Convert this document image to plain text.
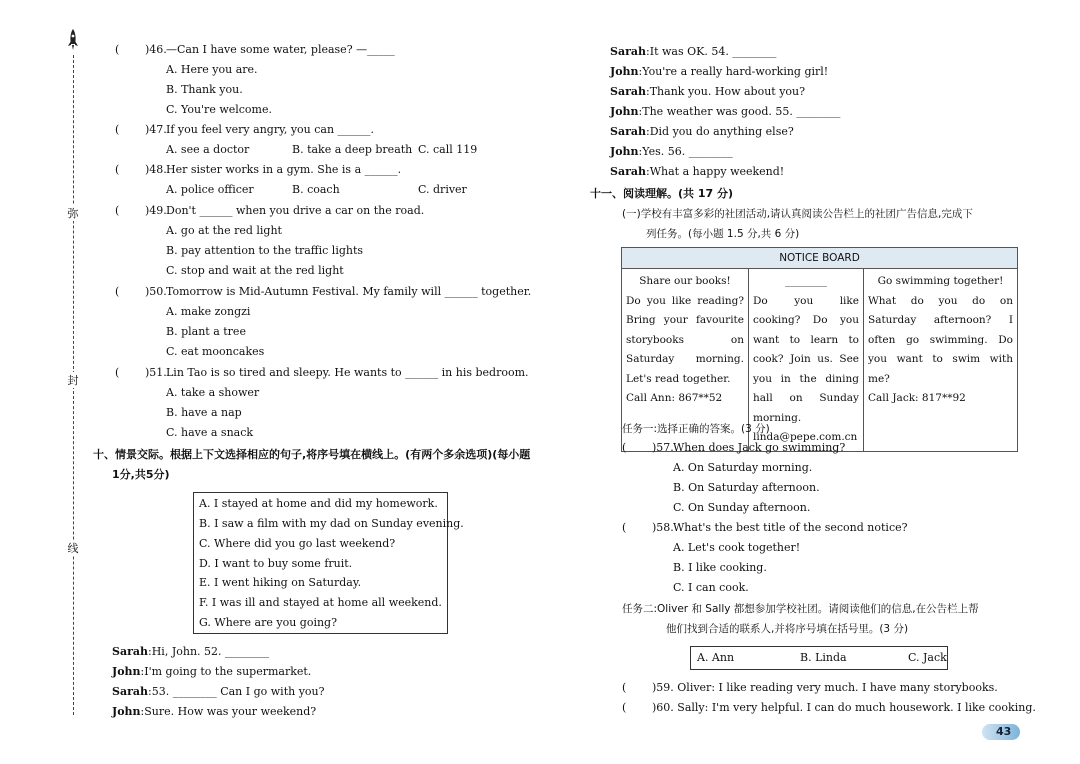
弥
封
线
( )46. —Can I have some water, please? —_____
A. Here you are.
B. Thank you.
C. You're welcome.
( )47. If you feel very angry, you can ______.
A. see a doctor	B. take a deep breath C. call 119
( )48. Her sister works in a gym. She is a ______.
A. police officer	B. coach	C. driver
( )49. Don't ______ when you drive a car on the road.
A. go at the red light
B. pay attention to the traffic lights
C. stop and wait at the red light
( )50. Tomorrow is Mid-Autumn Festival. My family will ______ together.
A. make zongzi
B. plant a tree
C. eat mooncakes
( )51. Lin Tao is so tired and sleepy. He wants to ______ in his bedroom.
A. take a shower
B. have a nap
C. have a snack
十、情景交际。根据上下文选择相应的句子,将序号填在横线上。(有两个多余选项)(每小题
1分,共5分)
A. I stayed at home and did my homework.
B. I saw a film with my dad on Sunday evening.
C. Where did you go last weekend?
D. I want to buy some fruit.
E. I went hiking on Saturday.
F. I was ill and stayed at home all weekend.
G. Where are you going?
Sarah:Hi, John. 52. ________
John:I'm going to the supermarket.
Sarah:53. ________ Can I go with you?
John:Sure. How was your weekend?
Sarah:It was OK. 54. ________
John:You're a really hard-working girl!
Sarah:Thank you. How about you?
John:The weather was good. 55. ________
Sarah:Did you do anything else?
John:Yes. 56. ________
Sarah:What a happy weekend!
十一、阅读理解。(共 17 分)
(一)学校有丰富多彩的社团活动,请认真阅读公告栏上的社团广告信息,完成下
列任务。(每小题 1.5 分,共 6 分)
NOTICE BOARD

Share our books!
Do you like reading? Bring your favourite storybooks on Saturday morning. Let's read together.
Call Ann: 867**52

________
Do you like cooking? Do you want to learn to cook? Join us. See you in the dining hall on Sunday morning.
linda@pepe.com.cn

Go swimming together!
What do you do on Saturday afternoon? I often go swimming. Do you want to swim with me?
Call Jack: 817**92
任务一:选择正确的答案。(3 分)
( )57. When does Jack go swimming?
A. On Saturday morning.
B. On Saturday afternoon.
C. On Sunday afternoon.
( )58. What's the best title of the second notice?
A. Let's cook together!
B. I like cooking.
C. I can cook.
任务二:Oliver 和 Sally 都想参加学校社团。请阅读他们的信息,在公告栏上帮
他们找到合适的联系人,并将序号填在括号里。(3 分)
A. Ann	B. Linda	C. Jack
( )59. Oliver: I like reading very much. I have many storybooks.
( )60. Sally: I'm very helpful. I can do much housework. I like cooking.
43
